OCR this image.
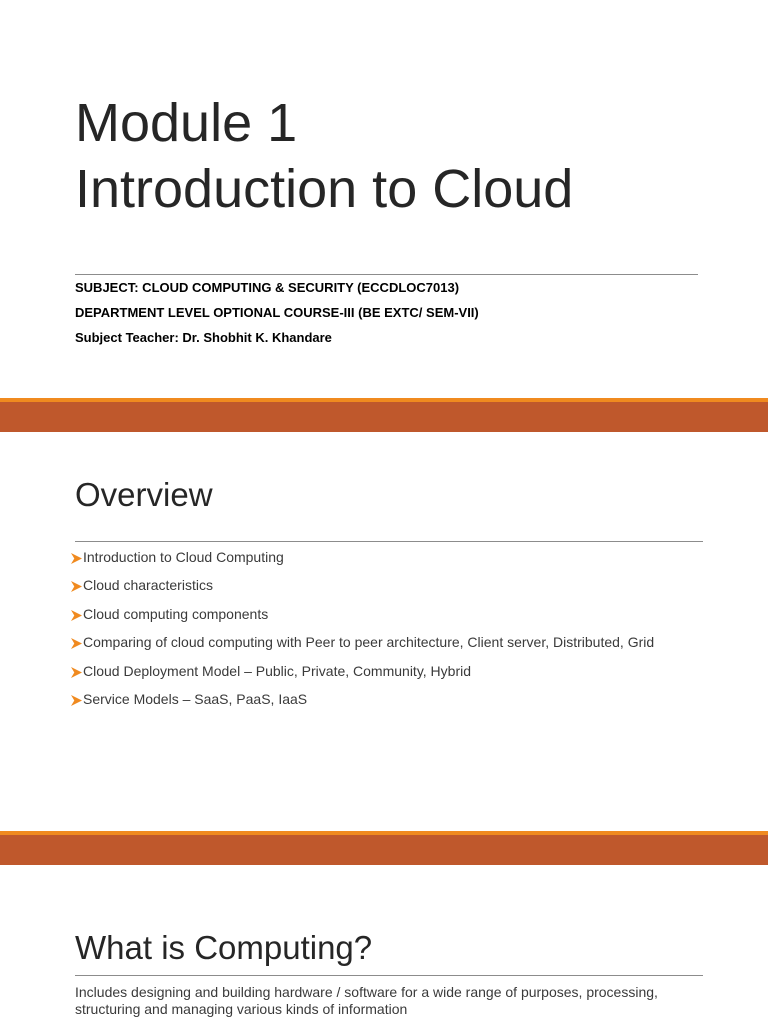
Module 1
Introduction to Cloud
SUBJECT: CLOUD COMPUTING & SECURITY (ECCDLOC7013)
DEPARTMENT LEVEL OPTIONAL COURSE-III (BE EXTC/ SEM-VII)
Subject Teacher: Dr. Shobhit K. Khandare
Overview
Introduction to Cloud Computing
Cloud characteristics
Cloud computing components
Comparing of cloud computing with Peer to peer architecture, Client server, Distributed, Grid
Cloud Deployment Model – Public, Private, Community, Hybrid
Service Models – SaaS, PaaS, IaaS
What is Computing?
Includes designing and building hardware / software for a wide range of purposes, processing, structuring and managing various kinds of information
